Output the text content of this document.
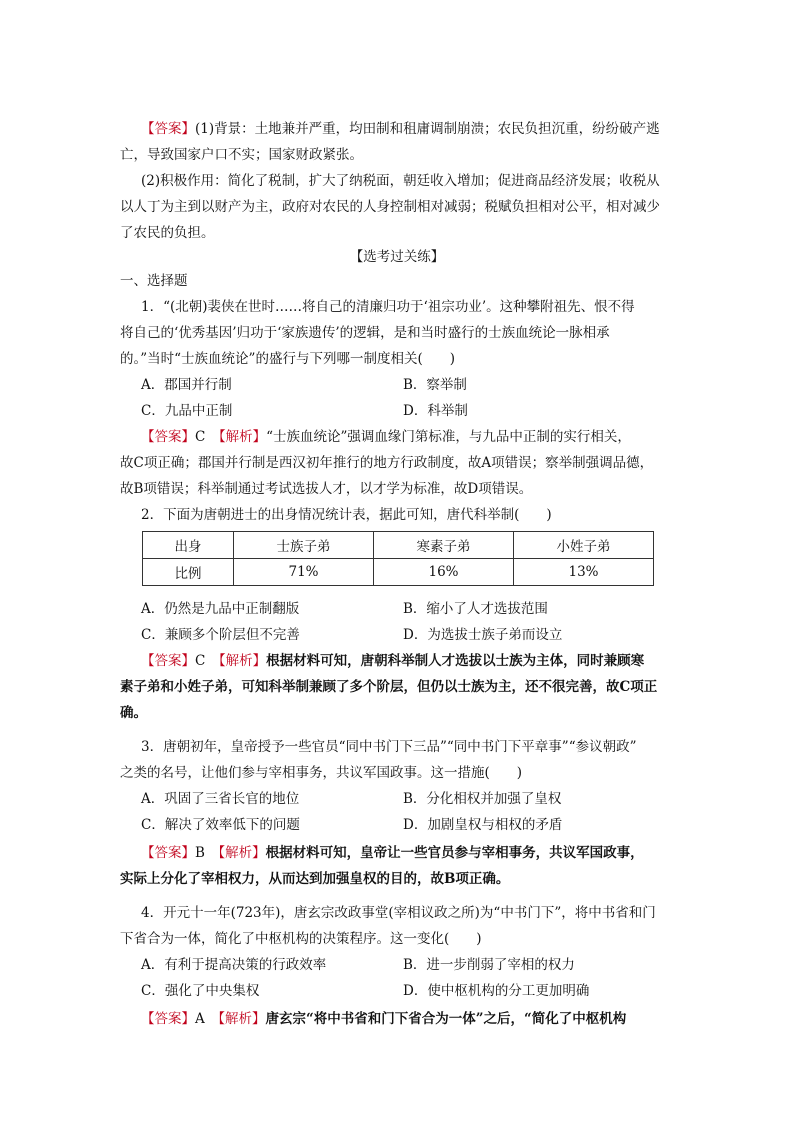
【答案】(1)背景：土地兼并严重，均田制和租庸调制崩溃；农民负担沉重，纷纷破产逃
亡，导致国家户口不实；国家财政紧张。
(2)积极作用：简化了税制，扩大了纳税面，朝廷收入增加；促进商品经济发展；收税从
以人丁为主到以财产为主，政府对农民的人身控制相对减弱；税赋负担相对公平，相对减少
了农民的负担。
【选考过关练】
一、选择题
1．“(北朝)裴侠在世时……将自己的清廉归功于‘祖宗功业’。这种攀附祖先、恨不得
将自己的‘优秀基因’归功于‘家族遗传’的逻辑，是和当时盛行的士族血统论一脉相承
的。”当时“士族血统论”的盛行与下列哪一制度相关(　　)
A．郡国并行制	B．察举制
C．九品中正制	D．科举制
【答案】C　 【解析】“士族血统论”强调血缘门第标准，与九品中正制的实行相关，
故C项正确；郡国并行制是西汉初年推行的地方行政制度，故A项错误；察举制强调品德，
故B项错误；科举制通过考试选拔人才，以才学为标准，故D项错误。
2．下面为唐朝进士的出身情况统计表，据此可知，唐代科举制(　　)
出身	士族子弟	寒素子弟	小姓子弟
比例	71%	16%	13%
A．仍然是九品中正制翻版	B．缩小了人才选拔范围
C．兼顾多个阶层但不完善	D．为选拔士族子弟而设立
【答案】C　 【解析】根据材料可知，唐朝科举制人才选拔以士族为主体，同时兼顾寒
素子弟和小姓子弟，可知科举制兼顾了多个阶层，但仍以士族为主，还不很完善，故C项正
确。
3．唐朝初年，皇帝授予一些官员“同中书门下三品”“同中书门下平章事”“参议朝政”
之类的名号，让他们参与宰相事务，共议军国政事。这一措施(　　)
A．巩固了三省长官的地位	B．分化相权并加强了皇权
C．解决了效率低下的问题	D．加剧皇权与相权的矛盾
【答案】B　 【解析】根据材料可知，皇帝让一些官员参与宰相事务，共议军国政事，
实际上分化了宰相权力，从而达到加强皇权的目的，故B项正确。
4．开元十一年(723年)，唐玄宗改政事堂(宰相议政之所)为“中书门下”，将中书省和门
下省合为一体，简化了中枢机构的决策程序。这一变化(　　)
A．有利于提高决策的行政效率	B．进一步削弱了宰相的权力
C．强化了中央集权	D．使中枢机构的分工更加明确
【答案】A　 【解析】唐玄宗“将中书省和门下省合为一体”之后，“简化了中枢机构
